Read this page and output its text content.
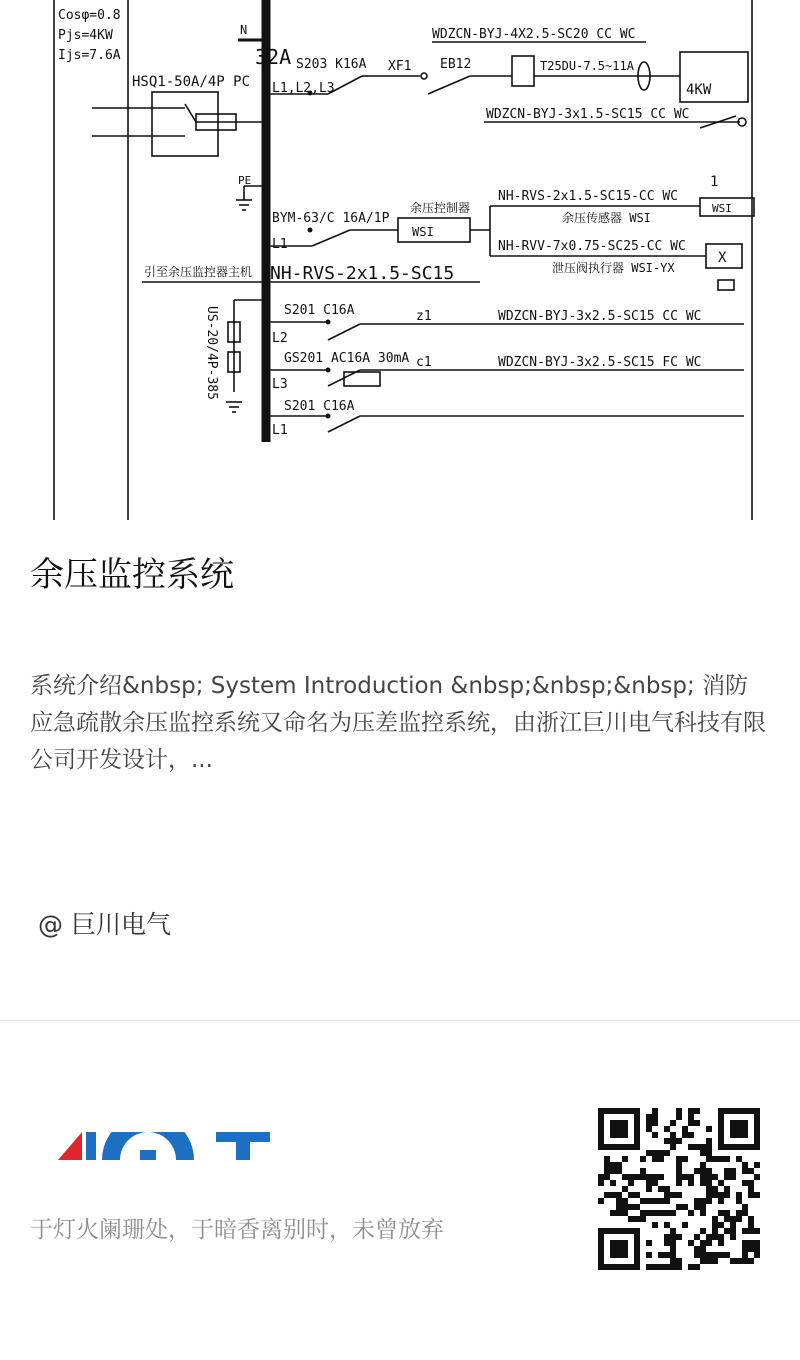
Cosφ=0.8
Pjs=4KW
Ijs=7.6A
N
HSQ1-50A/4P PC
32A
PE
S203 K16A
L1,L2,L3
XF1 EB12	T25DU-7.5~11A
WDZCN-BYJ-4X2.5-SC20 CC WC
WDZCN-BYJ-3x1.5-SC15 CC WC
4KW
BYM-63/C 16A/1P
L1
余压控制器
WSI
NH-RVS-2x1.5-SC15-CC WC
余压传感器 WSI
WSI
1
NH-RVV-7x0.75-SC25-CC WC
泄压阀执行器 WSI-YX
X
引至余压监控器主机 NH-RVS-2x1.5-SC15
S201 C16A
L2
z1	WDZCN-BYJ-3x2.5-SC15 CC WC
GS201 AC16A 30mA
L3
c1	WDZCN-BYJ-3x2.5-SC15 FC WC
S201 C16A
L1
US-20/4P-385
余压监控系统
系统介绍&nbsp; System Introduction &nbsp;&nbsp;&nbsp; 消防应急疏散余压监控系统又命名为压差监控系统，由浙江巨川电气科技有限公司开发设计，...
@ 巨川电气
于灯火阑珊处，于暗香离别时，未曾放弃
